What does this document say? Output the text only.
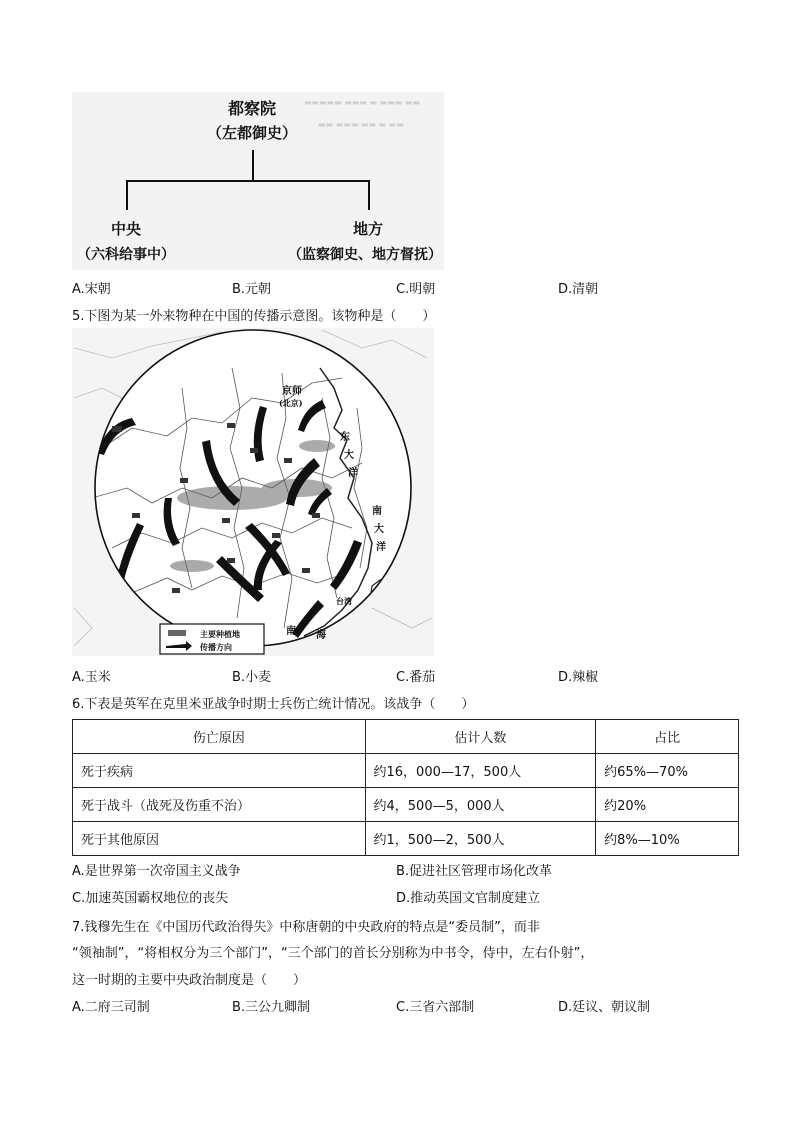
▬▬▬▬▬ ▬▬▬ ▬ ▬▬▬ ▬▬
▬▬ ▬▬▬ ▬▬ ▬ ▬▬
都察院
（左都御史）
中央
（六科给事中）
地方
（监察御史、地方督抚）
A.宋朝	B.元朝	C.明朝	D.清朝
5.下图为某一外来物种在中国的传播示意图。该物种是（　　）
京师
(北京)
东
大
洋
南
大
洋
台湾
南 海
主要种植地
传播方向
A.玉米	B.小麦	C.番茄	D.辣椒
6.下表是英军在克里米亚战争时期士兵伤亡统计情况。该战争（　　）
伤亡原因	估计人数	占比
死于疾病	约16，000—17，500人	约65%—70%
死于战斗（战死及伤重不治）	约4，500—5，000人	约20%
死于其他原因	约1，500—2，500人	约8%—10%
A.是世界第一次帝国主义战争	B.促进社区管理市场化改革
C.加速英国霸权地位的丧失	D.推动英国文官制度建立
7.钱穆先生在《中国历代政治得失》中称唐朝的中央政府的特点是“委员制”，而非
“领袖制”，“将相权分为三个部门”，“三个部门的首长分别称为中书令，侍中，左右仆射”，
这一时期的主要中央政治制度是（　　）
A.二府三司制	B.三公九卿制	C.三省六部制	D.廷议、朝议制
